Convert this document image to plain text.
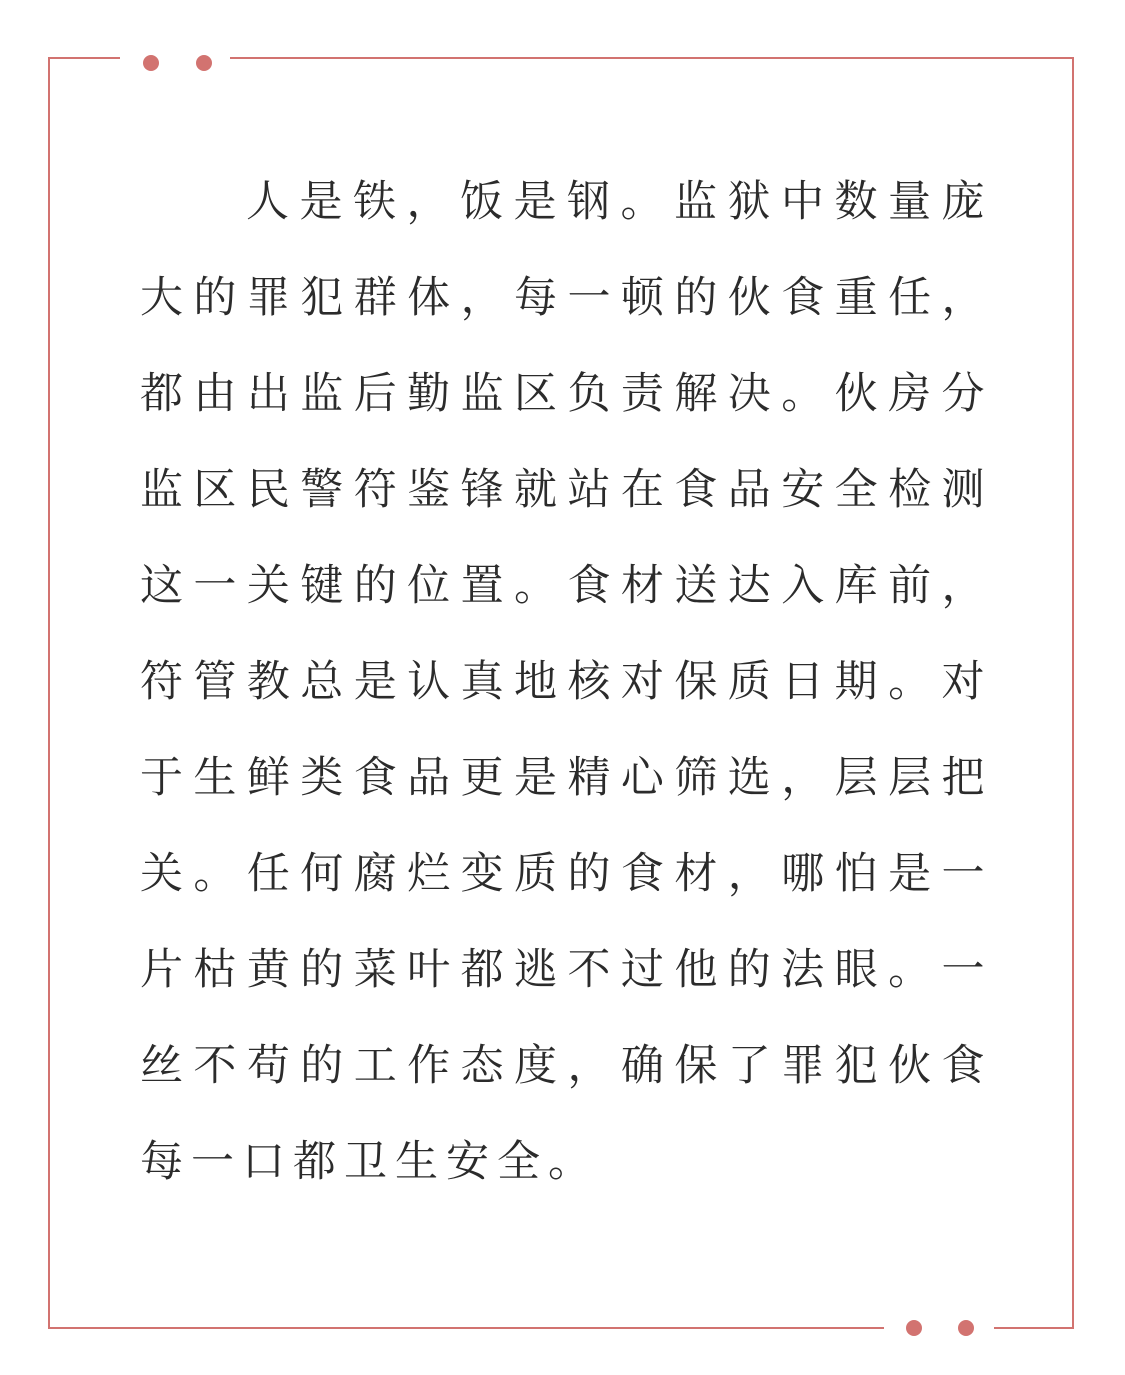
人是铁，饭是钢。监狱中数量庞
大的罪犯群体，每一顿的伙食重任，
都由出监后勤监区负责解决。伙房分
监区民警符鉴锋就站在食品安全检测
这一关键的位置。食材送达入库前，
符管教总是认真地核对保质日期。对
于生鲜类食品更是精心筛选，层层把
关。任何腐烂变质的食材，哪怕是一
片枯黄的菜叶都逃不过他的法眼。一
丝不苟的工作态度，确保了罪犯伙食
每一口都卫生安全。
